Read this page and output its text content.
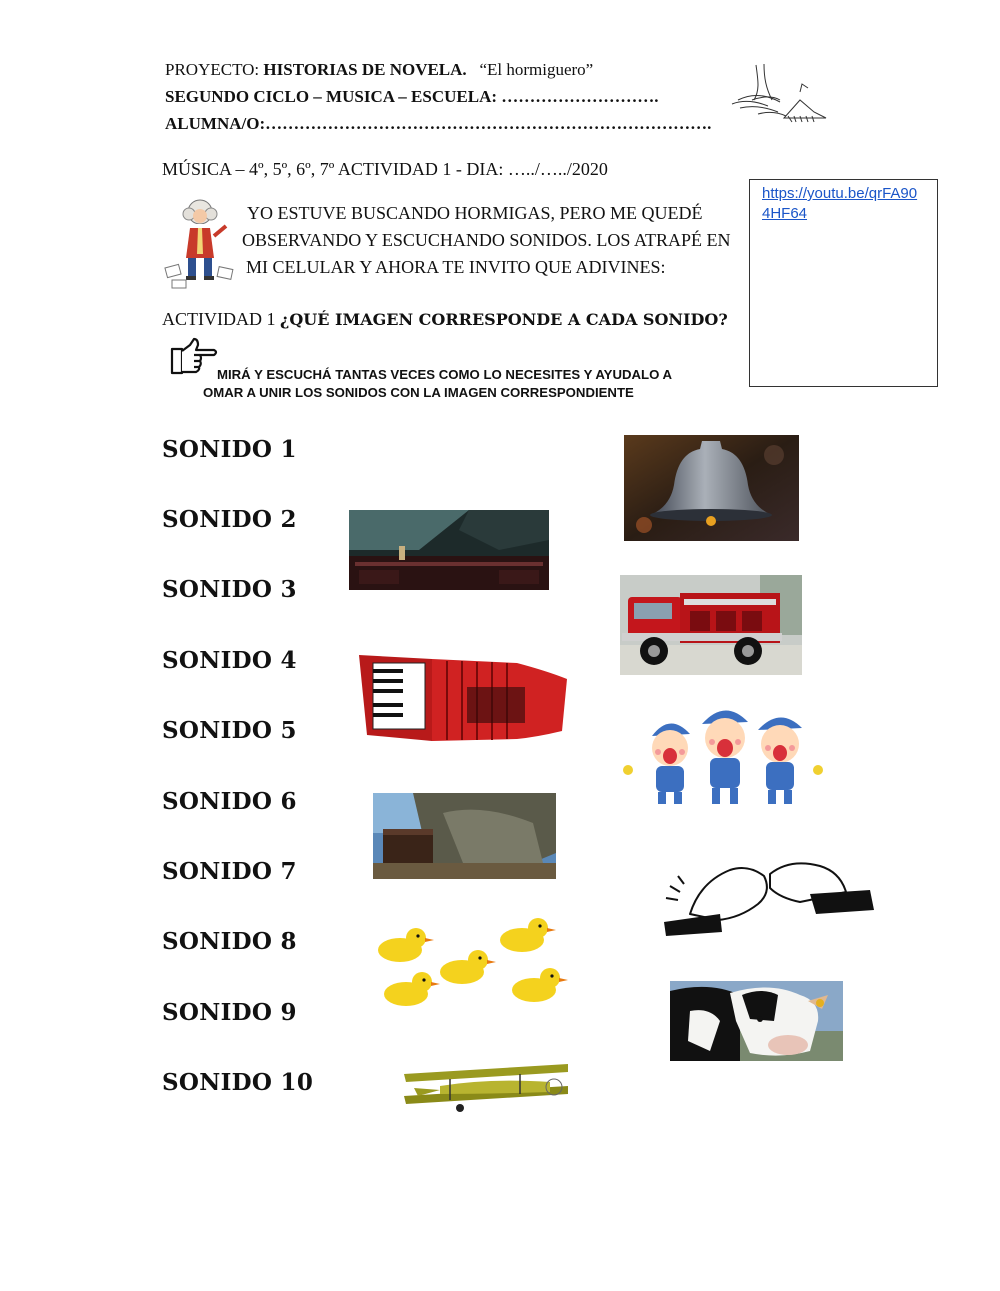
PROYECTO: HISTORIAS DE NOVELA. “El hormiguero”
SEGUNDO CICLO – MUSICA – ESCUELA: ……………………….
ALUMNA/O:…………………………………………………………………….
MÚSICA – 4º, 5º, 6º, 7º ACTIVIDAD 1 - DIA: …../…../2020
YO ESTUVE BUSCANDO HORMIGAS, PERO ME QUEDÉ
OBSERVANDO Y ESCUCHANDO SONIDOS. LOS ATRAPÉ EN
MI CELULAR Y AHORA TE INVITO QUE ADIVINES:
https://youtu.be/qrFA904HF64
ACTIVIDAD 1 ¿QUÉ IMAGEN CORRESPONDE A CADA SONIDO?
MIRÁ Y ESCUCHÁ TANTAS VECES COMO LO NECESITES Y AYUDALO A
OMAR A UNIR LOS SONIDOS CON LA IMAGEN CORRESPONDIENTE
SONIDO 1
SONIDO 2
SONIDO 3
SONIDO 4
SONIDO 5
SONIDO 6
SONIDO 7
SONIDO 8
SONIDO 9
SONIDO 10
